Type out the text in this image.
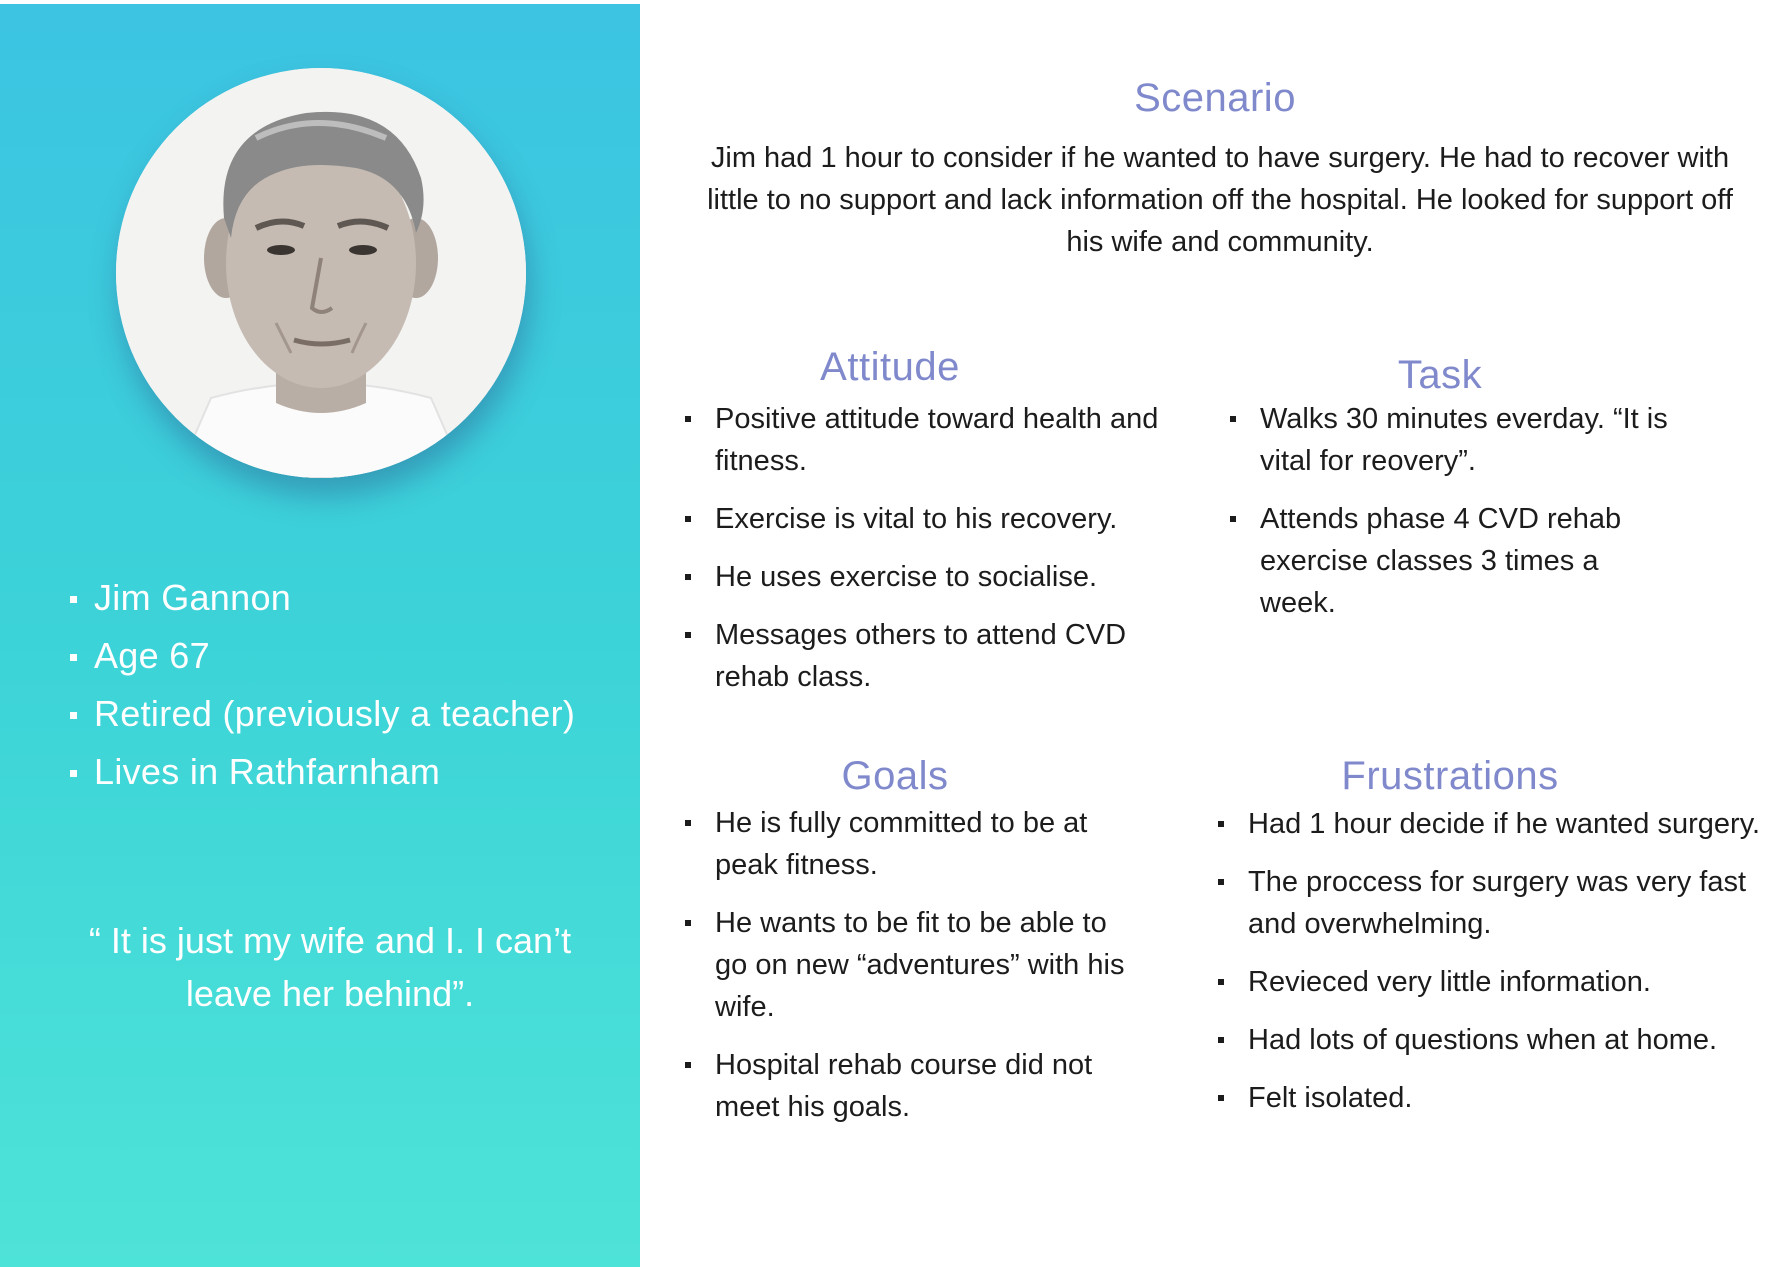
Jim Gannon
Age 67
Retired (previously a teacher)
Lives in Rathfarnham
“ It is just my wife and I. I can’t
leave her behind”.
Scenario
Jim had 1 hour to consider if he wanted to have surgery. He had to recover with little to no support and lack information off the hospital. He looked for support off his wife and community.
Attitude
Positive attitude toward health and fitness.
Exercise is vital to his recovery.
He uses exercise to socialise.
Messages others to attend CVD rehab class.
Task
Walks 30 minutes everday. “It is vital for reovery”.
Attends phase 4 CVD rehab exercise classes 3 times a week.
Goals
He is fully committed to be at peak fitness.
He wants to be fit to be able to go on new “adventures” with his wife.
Hospital rehab course did not meet his goals.
Frustrations
Had 1 hour decide if he wanted surgery.
The proccess for surgery was very fast and overwhelming.
Revieced very little information.
Had lots of questions when at home.
Felt isolated.
